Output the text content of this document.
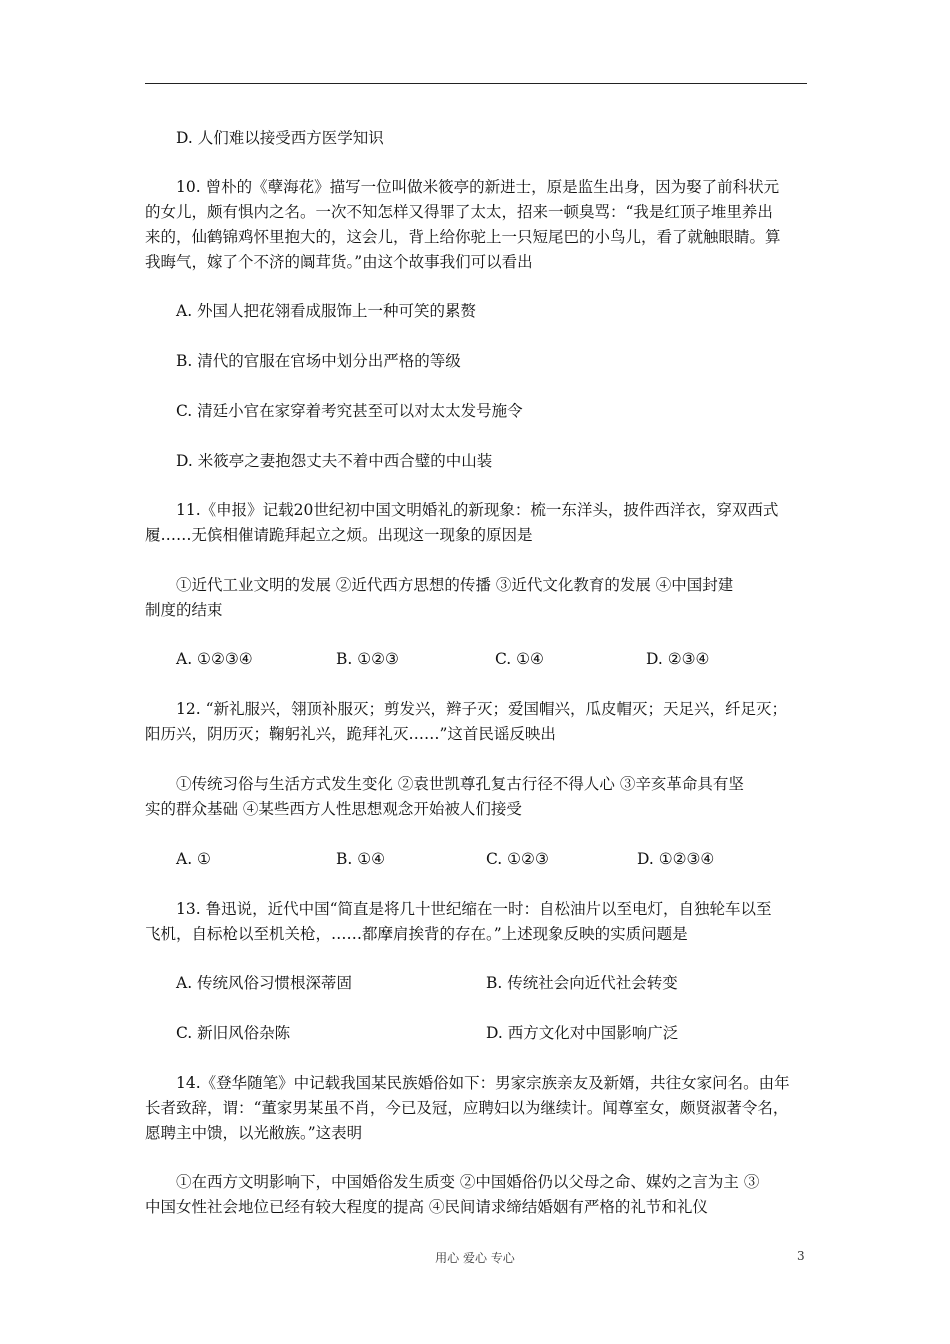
D. 人们难以接受西方医学知识
10. 曾朴的《孽海花》描写一位叫做米筱亭的新进士，原是监生出身，因为娶了前科状元
的女儿，颇有惧内之名。一次不知怎样又得罪了太太，招来一顿臭骂：“我是红顶子堆里养出
来的，仙鹤锦鸡怀里抱大的，这会儿，背上给你驼上一只短尾巴的小鸟儿，看了就触眼睛。算
我晦气，嫁了个不济的阘茸货。”由这个故事我们可以看出
A. 外国人把花翎看成服饰上一种可笑的累赘
B. 清代的官服在官场中划分出严格的等级
C. 清廷小官在家穿着考究甚至可以对太太发号施令
D. 米筱亭之妻抱怨丈夫不着中西合璧的中山装
11.《申报》记载20世纪初中国文明婚礼的新现象：梳一东洋头，披件西洋衣，穿双西式
履……无傧相催请跪拜起立之烦。出现这一现象的原因是
①近代工业文明的发展 ②近代西方思想的传播 ③近代文化教育的发展 ④中国封建
制度的结束
A. ①②③④	B. ①②③	C. ①④	D. ②③④
12. “新礼服兴，翎顶补服灭；剪发兴，辫子灭；爱国帽兴，瓜皮帽灭；天足兴，纤足灭；
阳历兴，阴历灭；鞠躬礼兴，跪拜礼灭……”这首民谣反映出
①传统习俗与生活方式发生变化 ②袁世凯尊孔复古行径不得人心 ③辛亥革命具有坚
实的群众基础 ④某些西方人性思想观念开始被人们接受
A. ①	B. ①④	C. ①②③	D. ①②③④
13. 鲁迅说，近代中国“简直是将几十世纪缩在一时：自松油片以至电灯，自独轮车以至
飞机，自标枪以至机关枪，……都摩肩挨背的存在。”上述现象反映的实质问题是
A. 传统风俗习惯根深蒂固	B. 传统社会向近代社会转变
C. 新旧风俗杂陈	D. 西方文化对中国影响广泛
14.《登华随笔》中记载我国某民族婚俗如下：男家宗族亲友及新婿，共往女家问名。由年
长者致辞，谓：“董家男某虽不肖，今已及冠，应聘妇以为继续计。闻尊室女，颇贤淑著令名，
愿聘主中馈，以光敝族。”这表明
①在西方文明影响下，中国婚俗发生质变 ②中国婚俗仍以父母之命、媒妁之言为主 ③
中国女性社会地位已经有较大程度的提高 ④民间请求缔结婚姻有严格的礼节和礼仪
用心 爱心 专心	3
